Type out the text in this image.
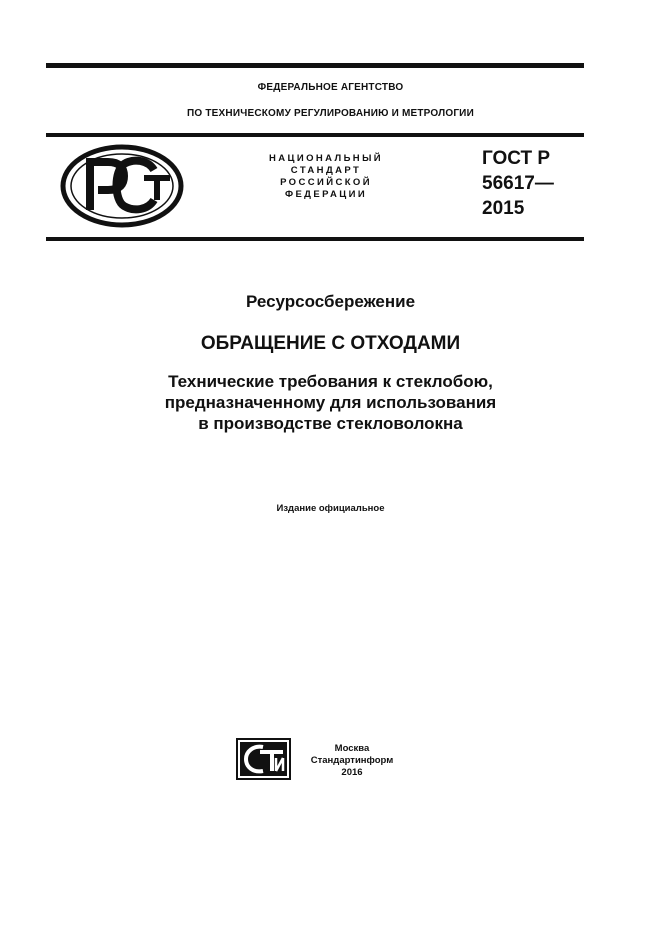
ФЕДЕРАЛЬНОЕ АГЕНТСТВО
ПО ТЕХНИЧЕСКОМУ РЕГУЛИРОВАНИЮ И МЕТРОЛОГИИ
НАЦИОНАЛЬНЫЙ
СТАНДАРТ
РОССИЙСКОЙ
ФЕДЕРАЦИИ
ГОСТ Р
56617—
2015
Ресурсосбережение
ОБРАЩЕНИЕ С ОТХОДАМИ
Технические требования к стеклобою,
предназначенному для использования
в производстве стекловолокна
Издание официальное
Москва
Стандартинформ
2016
